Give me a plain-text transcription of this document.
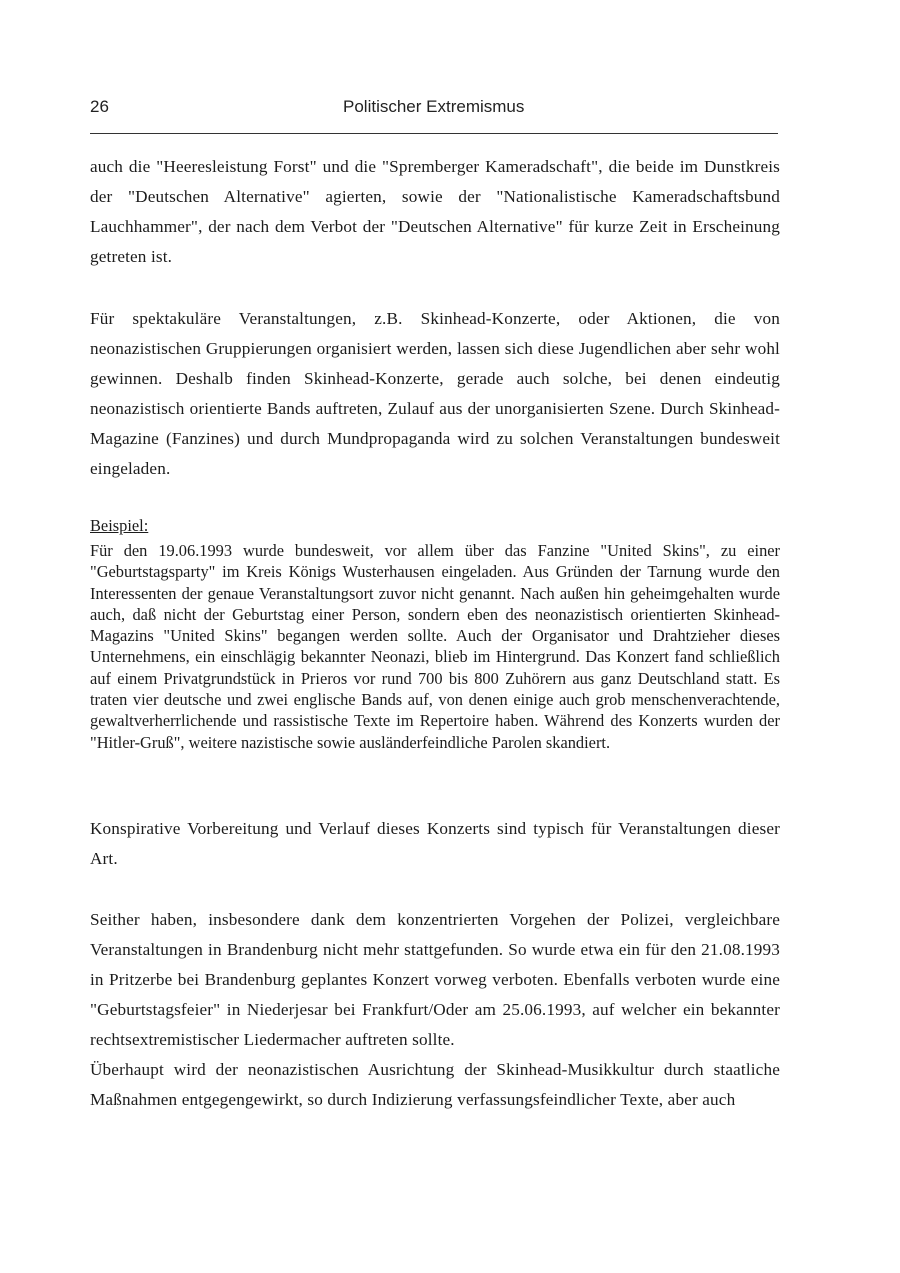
26	Politischer Extremismus

auch die "Heeresleistung Forst" und die "Spremberger Kameradschaft", die beide im Dunstkreis der "Deutschen Alternative" agierten, sowie der "Nationalistische Kameradschaftsbund Lauchhammer", der nach dem Verbot der "Deutschen Alternative" für kurze Zeit in Erscheinung getreten ist.

Für spektakuläre Veranstaltungen, z.B. Skinhead-Konzerte, oder Aktionen, die von neonazistischen Gruppierungen organisiert werden, lassen sich diese Jugendlichen aber sehr wohl gewinnen. Deshalb finden Skinhead-Konzerte, gerade auch solche, bei denen eindeutig neonazistisch orientierte Bands auftreten, Zulauf aus der unorganisierten Szene. Durch Skinhead-Magazine (Fanzines) und durch Mundpropaganda wird zu solchen Veranstaltungen bundesweit eingeladen.

Beispiel:

Für den 19.06.1993 wurde bundesweit, vor allem über das Fanzine "United Skins", zu einer "Geburtstagsparty" im Kreis Königs Wusterhausen eingeladen. Aus Gründen der Tarnung wurde den Interessenten der genaue Veranstaltungsort zuvor nicht genannt. Nach außen hin geheimgehalten wurde auch, daß nicht der Geburtstag einer Person, sondern eben des neonazistisch orientierten Skinhead-Magazins "United Skins" begangen werden sollte. Auch der Organisator und Drahtzieher dieses Unternehmens, ein einschlägig bekannter Neonazi, blieb im Hintergrund. Das Konzert fand schließlich auf einem Privatgrundstück in Prieros vor rund 700 bis 800 Zuhörern aus ganz Deutschland statt. Es traten vier deutsche und zwei englische Bands auf, von denen einige auch grob menschenverachtende, gewaltverherrlichende und rassistische Texte im Repertoire haben. Während des Konzerts wurden der "Hitler-Gruß", weitere nazistische sowie ausländerfeindliche Parolen skandiert.

Konspirative Vorbereitung und Verlauf dieses Konzerts sind typisch für Veranstaltungen dieser Art.

Seither haben, insbesondere dank dem konzentrierten Vorgehen der Polizei, vergleichbare Veranstaltungen in Brandenburg nicht mehr stattgefunden. So wurde etwa ein für den 21.08.1993 in Pritzerbe bei Brandenburg geplantes Konzert vorweg verboten. Ebenfalls verboten wurde eine "Geburtstagsfeier" in Niederjesar bei Frankfurt/Oder am 25.06.1993, auf welcher ein bekannter rechtsextremistischer Liedermacher auftreten sollte.

Überhaupt wird der neonazistischen Ausrichtung der Skinhead-Musikkultur durch staatliche Maßnahmen entgegengewirkt, so durch Indizierung verfassungsfeindlicher Texte, aber auch
